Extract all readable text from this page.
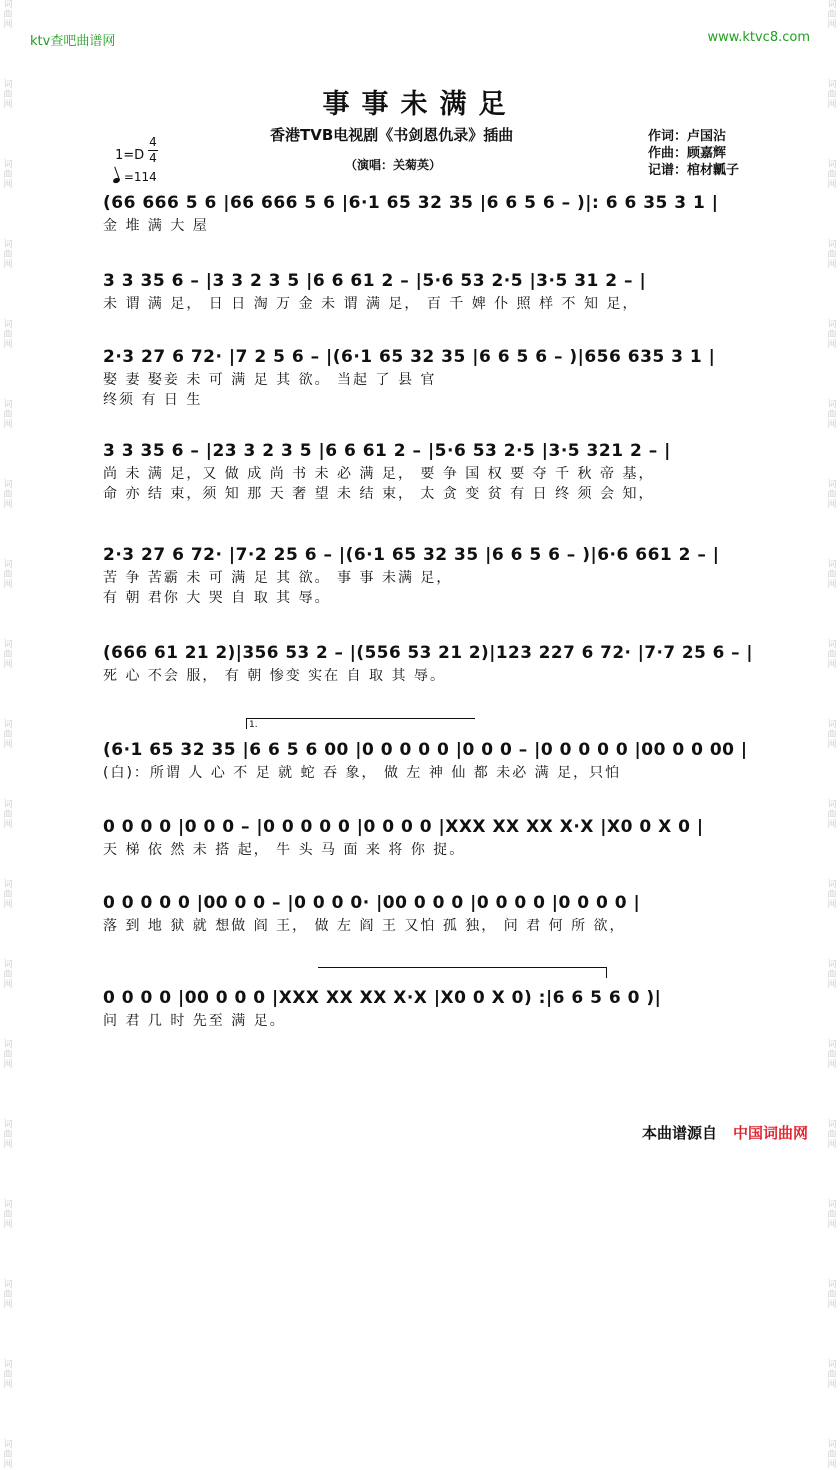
词曲网
词曲网
词曲网
词曲网
词曲网
词曲网
词曲网
词曲网
词曲网
词曲网
词曲网
词曲网
词曲网
词曲网
词曲网
词曲网
词曲网
词曲网
词曲网
词曲网
词曲网
词曲网
词曲网
词曲网
词曲网
词曲网
词曲网
词曲网
词曲网
词曲网
词曲网
词曲网
词曲网
词曲网
词曲网
词曲网
词曲网
词曲网
ktv查吧曲谱网	www.ktvc8.com
事事未满足
香港TVB电视剧《书剑恩仇录》插曲
（演唱：关菊英）
作词：卢国沾
作曲：顾嘉辉
记谱：棺材瓤子
1=D
4
4
=114
(66 666 5 6 |66 666 5 6 |6·1 65 32 35 |6 6 5 6 – )|: 6 6 35 3 1 |
金 堆 满 大 屋
3 3 35 6 – |3 3 2 3 5 |6 6 61 2 – |5·6 53 2·5 |3·5 31 2 – |
未 谓 满 足， 日 日 淘 万 金 未 谓 满 足， 百 千 婢 仆 照 样 不 知 足，
2·3 27 6 72· |7 2 5 6 – |(6·1 65 32 35 |6 6 5 6 – )|656 635 3 1 |
娶 妻 娶妾 未 可 满 足 其 欲。 当起 了 县 官
终须 有 日 生
3 3 35 6 – |23 3 2 3 5 |6 6 61 2 – |5·6 53 2·5 |3·5 321 2 – |
尚 未 满 足，又 做 成 尚 书 未 必 满 足， 要 争 国 权 要 夺 千 秋 帝 基，
命 亦 结 束，须 知 那 天 奢 望 未 结 束， 太 贪 变 贫 有 日 终 须 会 知，
2·3 27 6 72· |7·2 25 6 – |(6·1 65 32 35 |6 6 5 6 – )|6·6 661 2 – |
苦 争 苦霸 未 可 满 足 其 欲。 事 事 未满 足，
有 朝 君你 大 哭 自 取 其 辱。
(666 61 21 2)|356 53 2 – |(556 53 21 2)|123 227 6 72· |7·7 25 6 – |
死 心 不会 服， 有 朝 惨变 实在 自 取 其 辱。
(6·1 65 32 35 |6 6 5 6 00 |0 0 0 0 0 |0 0 0 – |0 0 0 0 0 |00 0 0 00 |
(白)：所谓 人 心 不 足 就 蛇 吞 象， 做 左 神 仙 都 未必 满 足，只怕
0 0 0 0 |0 0 0 – |0 0 0 0 0 |0 0 0 0 |XXX XX XX X·X |X0 0 X 0 |
天 梯 依 然 未 搭 起， 牛 头 马 面 来 将 你 捉。
0 0 0 0 0 |00 0 0 – |0 0 0 0· |00 0 0 0 |0 0 0 0 |0 0 0 0 |
落 到 地 狱 就 想做 阎 王， 做 左 阎 王 又怕 孤 独， 问 君 何 所 欲，
0 0 0 0 |00 0 0 0 |XXX XX XX X·X |X0 0 X 0) :|6 6 5 6 0 )|
问 君 几 时 先至 满 足。
1.
本曲谱源自 中国词曲网
